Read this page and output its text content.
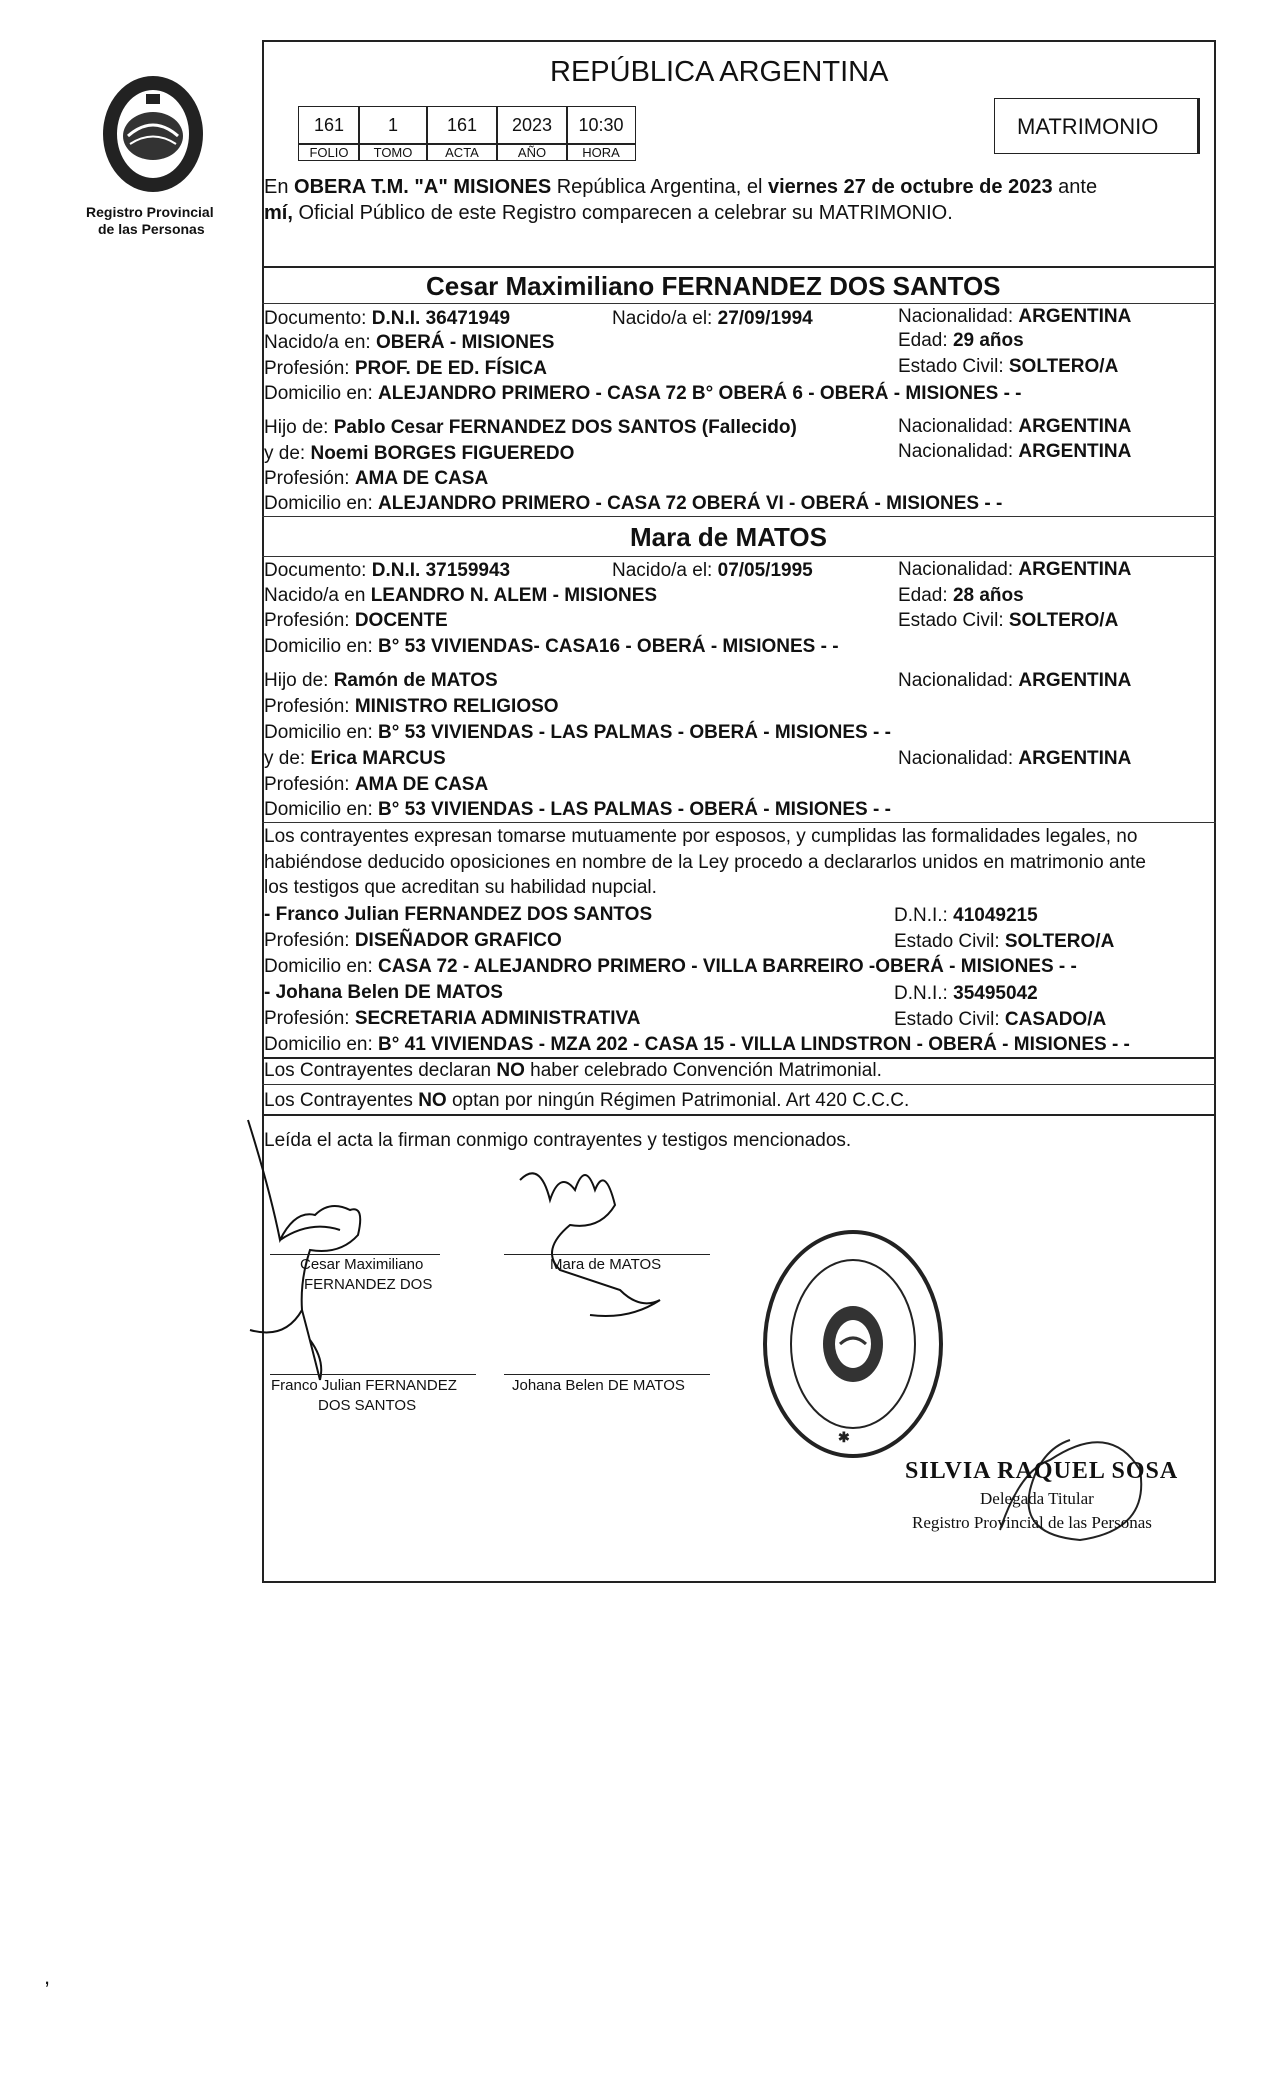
Registro Provincial
de las Personas
REPÚBLICA ARGENTINA
161	1	161	2023	10:30
FOLIO	TOMO	ACTA	AÑO	HORA
MATRIMONIO
En OBERA T.M. "A" MISIONES República Argentina, el viernes 27 de octubre de 2023 ante
mí, Oficial Público de este Registro comparecen a celebrar su MATRIMONIO.
Cesar Maximiliano FERNANDEZ DOS SANTOS
Documento: D.N.I. 36471949	Nacido/a el: 27/09/1994	Nacionalidad: ARGENTINA
Nacido/a en: OBERÁ - MISIONES	Edad: 29 años
Profesión: PROF. DE ED. FÍSICA	Estado Civil: SOLTERO/A
Domicilio en: ALEJANDRO PRIMERO - CASA 72 B° OBERÁ 6 - OBERÁ - MISIONES - -
Hijo de: Pablo Cesar FERNANDEZ DOS SANTOS (Fallecido)	Nacionalidad: ARGENTINA
y de: Noemi BORGES FIGUEREDO	Nacionalidad: ARGENTINA
Profesión: AMA DE CASA
Domicilio en: ALEJANDRO PRIMERO - CASA 72 OBERÁ VI - OBERÁ - MISIONES - -
Mara de MATOS
Documento: D.N.I. 37159943	Nacido/a el: 07/05/1995	Nacionalidad: ARGENTINA
Nacido/a en LEANDRO N. ALEM - MISIONES	Edad: 28 años
Profesión: DOCENTE	Estado Civil: SOLTERO/A
Domicilio en: B° 53 VIVIENDAS- CASA16 - OBERÁ - MISIONES - -
Hijo de: Ramón de MATOS	Nacionalidad: ARGENTINA
Profesión: MINISTRO RELIGIOSO
Domicilio en: B° 53 VIVIENDAS - LAS PALMAS - OBERÁ - MISIONES - -
y de: Erica MARCUS	Nacionalidad: ARGENTINA
Profesión: AMA DE CASA
Domicilio en: B° 53 VIVIENDAS - LAS PALMAS - OBERÁ - MISIONES - -
Los contrayentes expresan tomarse mutuamente por esposos, y cumplidas las formalidades legales, no
habiéndose deducido oposiciones en nombre de la Ley procedo a declararlos unidos en matrimonio ante
los testigos que acreditan su habilidad nupcial.
- Franco Julian FERNANDEZ DOS SANTOS	D.N.I.: 41049215
Profesión: DISEÑADOR GRAFICO	Estado Civil: SOLTERO/A
Domicilio en: CASA 72 - ALEJANDRO PRIMERO - VILLA BARREIRO -OBERÁ - MISIONES - -
- Johana Belen DE MATOS	D.N.I.: 35495042
Profesión: SECRETARIA ADMINISTRATIVA	Estado Civil: CASADO/A
Domicilio en: B° 41 VIVIENDAS - MZA 202 - CASA 15 - VILLA LINDSTRON - OBERÁ - MISIONES - -
Los Contrayentes declaran NO haber celebrado Convención Matrimonial.
Los Contrayentes NO optan por ningún Régimen Patrimonial. Art 420 C.C.C.
Leída el acta la firman conmigo contrayentes y testigos mencionados.
Cesar Maximiliano
FERNANDEZ DOS
Mara de MATOS
Franco Julian FERNANDEZ
DOS SANTOS
Johana Belen DE MATOS
✱
SILVIA RAQUEL SOSA
Delegada Titular
Registro Provincial de las Personas
,
